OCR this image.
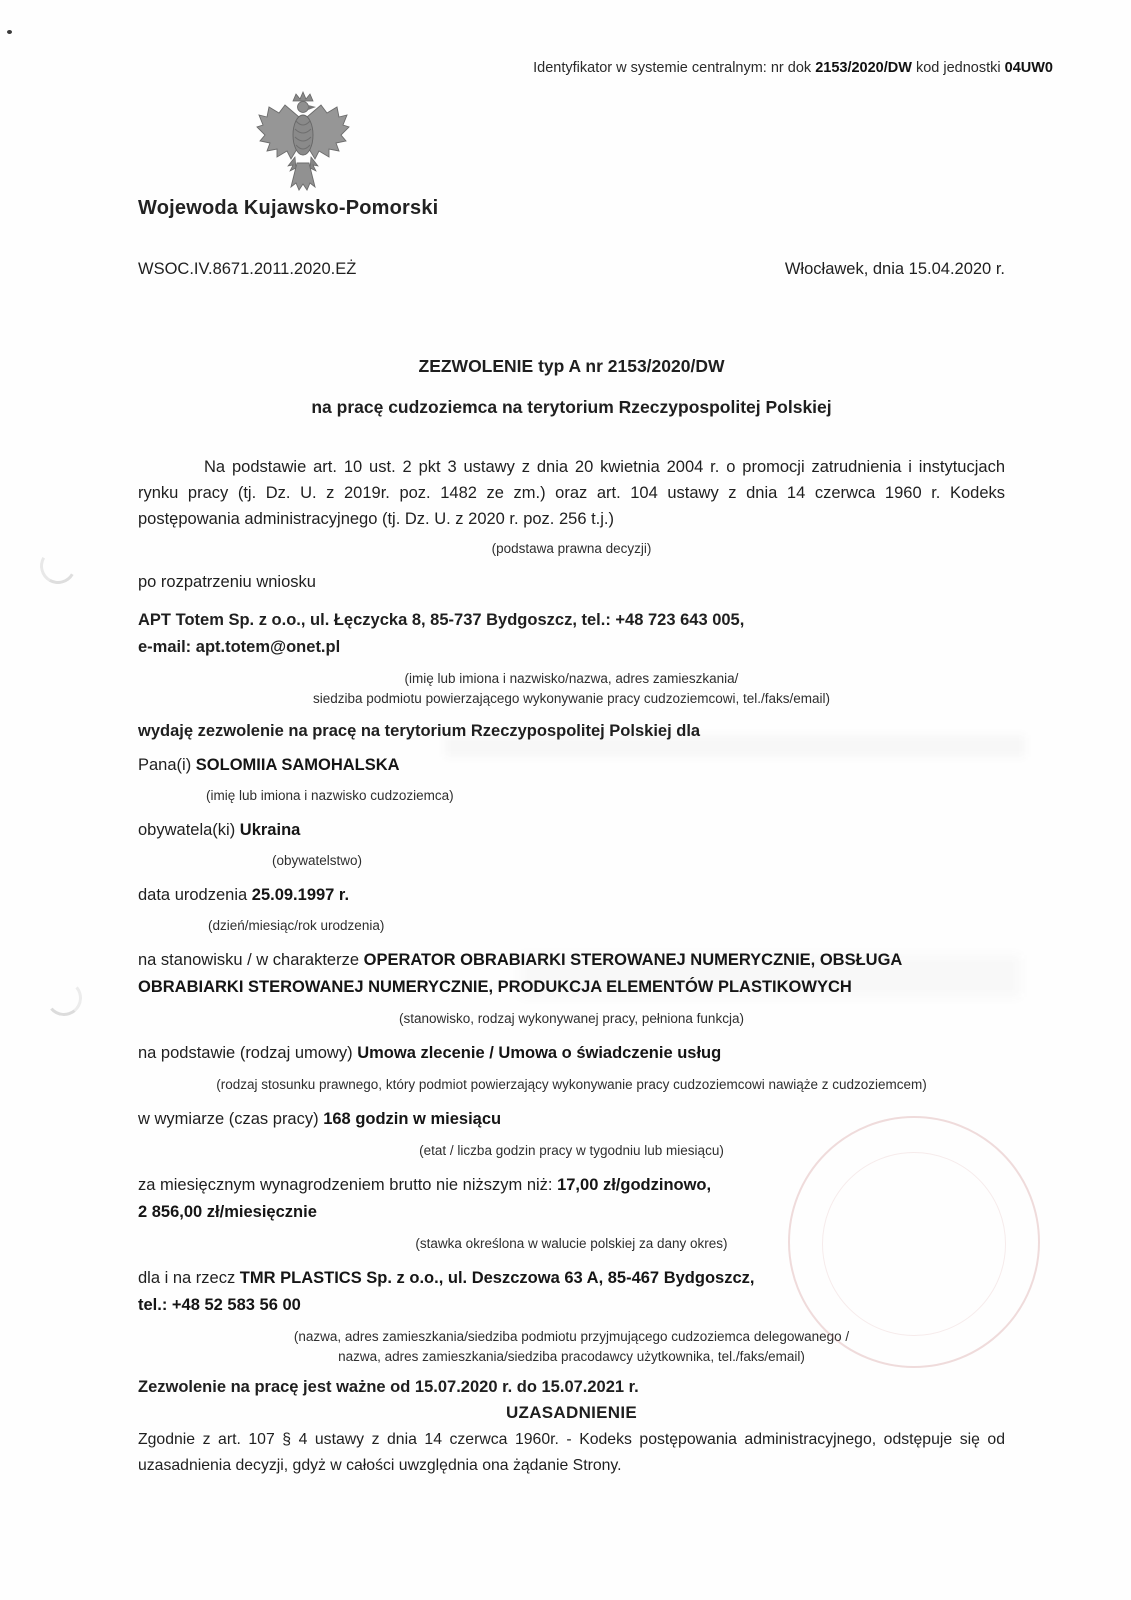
Identyfikator w systemie centralnym: nr dok 2153/2020/DW kod jednostki 04UW0

Wojewoda Kujawsko-Pomorski

WSOC.IV.8671.2011.2020.EŻ	Włocławek, dnia 15.04.2020 r.

ZEZWOLENIE typ A nr 2153/2020/DW

na pracę cudzoziemca na terytorium Rzeczypospolitej Polskiej

Na podstawie art. 10 ust. 2 pkt 3 ustawy z dnia 20 kwietnia 2004 r. o promocji zatrudnienia i instytucjach rynku pracy (tj. Dz. U. z 2019r. poz. 1482 ze zm.) oraz art. 104 ustawy z dnia 14 czerwca 1960 r. Kodeks postępowania administracyjnego (tj. Dz. U. z 2020 r. poz. 256 t.j.)

(podstawa prawna decyzji)

po rozpatrzeniu wniosku

APT Totem Sp. z o.o., ul. Łęczycka 8, 85-737 Bydgoszcz, tel.: +48 723 643 005,
e-mail: apt.totem@onet.pl

(imię lub imiona i nazwisko/nazwa, adres zamieszkania/
siedziba podmiotu powierzającego wykonywanie pracy cudzoziemcowi, tel./faks/email)

wydaję zezwolenie na pracę na terytorium Rzeczypospolitej Polskiej dla

Pana(i) SOLOMIIA SAMOHALSKA

(imię lub imiona i nazwisko cudzoziemca)

obywatela(ki) Ukraina

(obywatelstwo)

data urodzenia 25.09.1997 r.

(dzień/miesiąc/rok urodzenia)

na stanowisku / w charakterze OPERATOR OBRABIARKI STEROWANEJ NUMERYCZNIE, OBSŁUGA OBRABIARKI STEROWANEJ NUMERYCZNIE, PRODUKCJA ELEMENTÓW PLASTIKOWYCH

(stanowisko, rodzaj wykonywanej pracy, pełniona funkcja)

na podstawie (rodzaj umowy) Umowa zlecenie / Umowa o świadczenie usług

(rodzaj stosunku prawnego, który podmiot powierzający wykonywanie pracy cudzoziemcowi nawiąże z cudzoziemcem)

w wymiarze (czas pracy) 168 godzin w miesiącu

(etat / liczba godzin pracy w tygodniu lub miesiącu)

za miesięcznym wynagrodzeniem brutto nie niższym niż: 17,00 zł/godzinowo,
2 856,00 zł/miesięcznie

(stawka określona w walucie polskiej za dany okres)

dla i na rzecz TMR PLASTICS Sp. z o.o., ul. Deszczowa 63 A, 85-467 Bydgoszcz,
tel.: +48 52 583 56 00

(nazwa, adres zamieszkania/siedziba podmiotu przyjmującego cudzoziemca delegowanego /
nazwa, adres zamieszkania/siedziba pracodawcy użytkownika, tel./faks/email)

Zezwolenie na pracę jest ważne od 15.07.2020 r. do 15.07.2021 r.

UZASADNIENIE

Zgodnie z art. 107 § 4 ustawy z dnia 14 czerwca 1960r. - Kodeks postępowania administracyjnego, odstępuje się od uzasadnienia decyzji, gdyż w całości uwzględnia ona żądanie Strony.
